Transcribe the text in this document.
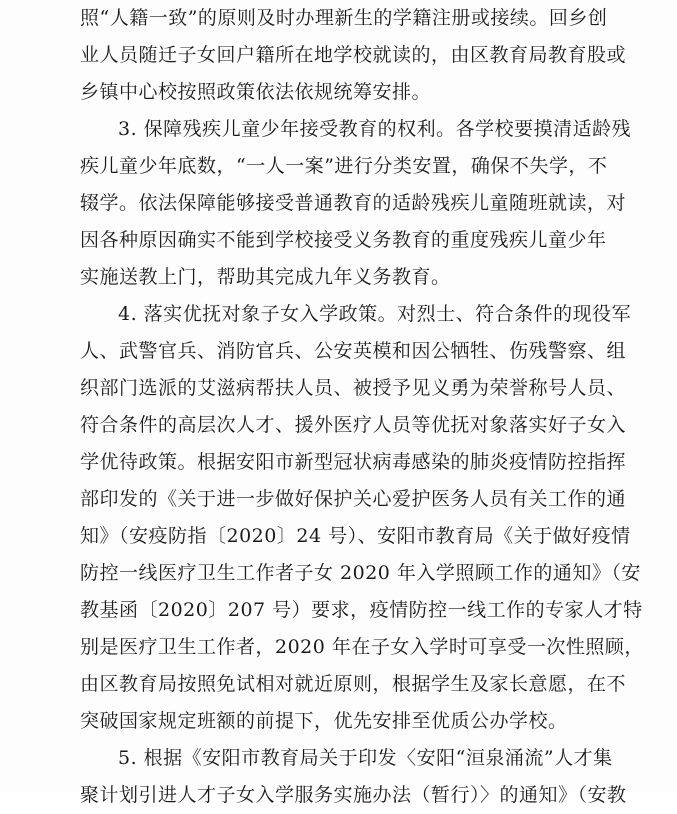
照“人籍一致”的原则及时办理新生的学籍注册或接续。回乡创
业人员随迁子女回户籍所在地学校就读的，由区教育局教育股或
乡镇中心校按照政策依法依规统筹安排。
3. 保障残疾儿童少年接受教育的权利。各学校要摸清适龄残
疾儿童少年底数，“一人一案”进行分类安置，确保不失学，不
辍学。依法保障能够接受普通教育的适龄残疾儿童随班就读，对
因各种原因确实不能到学校接受义务教育的重度残疾儿童少年
实施送教上门，帮助其完成九年义务教育。
4. 落实优抚对象子女入学政策。对烈士、符合条件的现役军
人、武警官兵、消防官兵、公安英模和因公牺牲、伤残警察、组
织部门选派的艾滋病帮扶人员、被授予见义勇为荣誉称号人员、
符合条件的高层次人才、援外医疗人员等优抚对象落实好子女入
学优待政策。根据安阳市新型冠状病毒感染的肺炎疫情防控指挥
部印发的《关于进一步做好保护关心爱护医务人员有关工作的通
知》（安疫防指〔2020〕24 号）、安阳市教育局《关于做好疫情
防控一线医疗卫生工作者子女 2020 年入学照顾工作的通知》（安
教基函〔2020〕207 号）要求，疫情防控一线工作的专家人才特
别是医疗卫生工作者，2020 年在子女入学时可享受一次性照顾，
由区教育局按照免试相对就近原则，根据学生及家长意愿，在不
突破国家规定班额的前提下，优先安排至优质公办学校。
5. 根据《安阳市教育局关于印发〈安阳“洹泉涌流”人才集
聚计划引进人才子女入学服务实施办法（暂行）〉的通知》（安教
